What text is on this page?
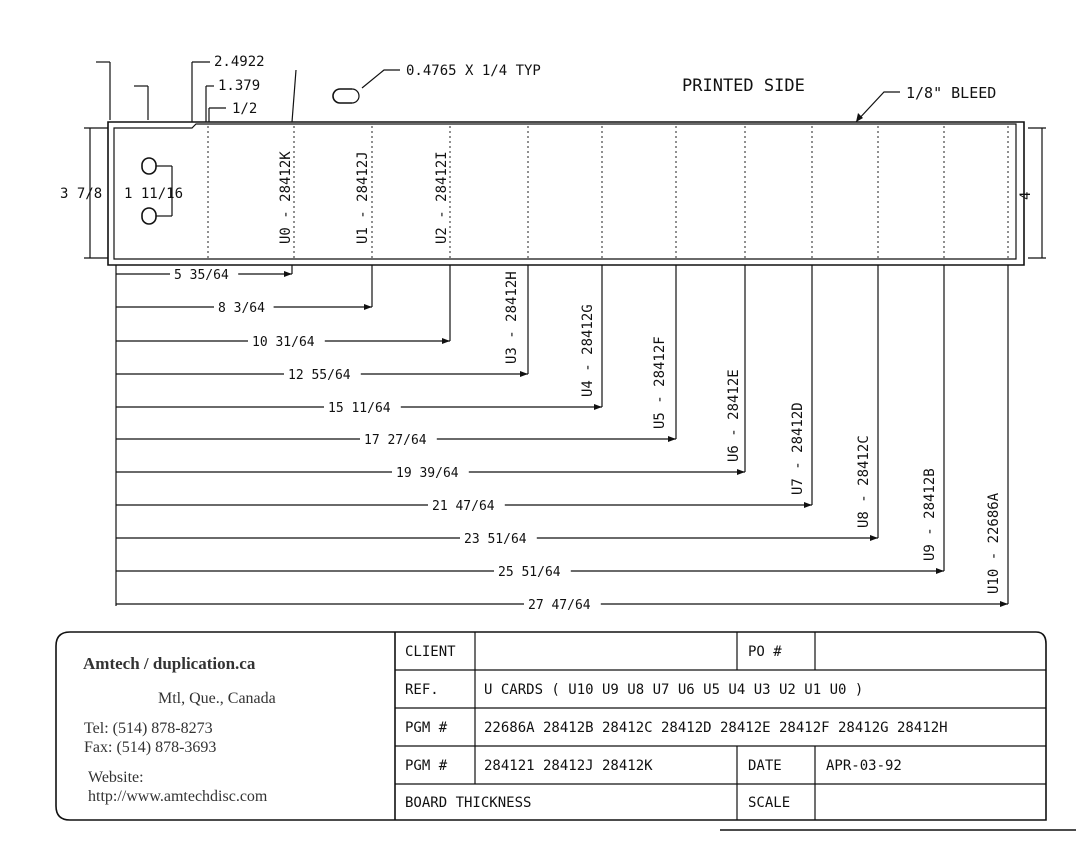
2.4922
1.379
1/2
0.4765 X 1/4 TYP
PRINTED SIDE	1/8" BLEED
3 7/8 1 11/16	4
U0 - 28412K	U1 - 28412J	U2 - 28412I
5 35/64
8 3/64
10 31/64
12 55/64
15 11/64
17 27/64
19 39/64
21 47/64
23 51/64
25 51/64
27 47/64
U3 - 28412H	U4 - 28412G	U5 - 28412F	U6 - 28412E	U7 - 28412D	U8 - 28412C	U9 - 28412B	U10 - 22686A
Amtech / duplication.ca
Mtl, Que., Canada
Tel: (514) 878-8273
Fax: (514) 878-3693
Website:
http://www.amtechdisc.com
CLIENT	PO #
REF.	U CARDS ( U10 U9 U8 U7 U6 U5 U4 U3 U2 U1 U0 )
PGM #	22686A 28412B 28412C 28412D 28412E 28412F 28412G 28412H
PGM #	284121 28412J 28412K	DATE	APR-03-92
BOARD THICKNESS	SCALE
